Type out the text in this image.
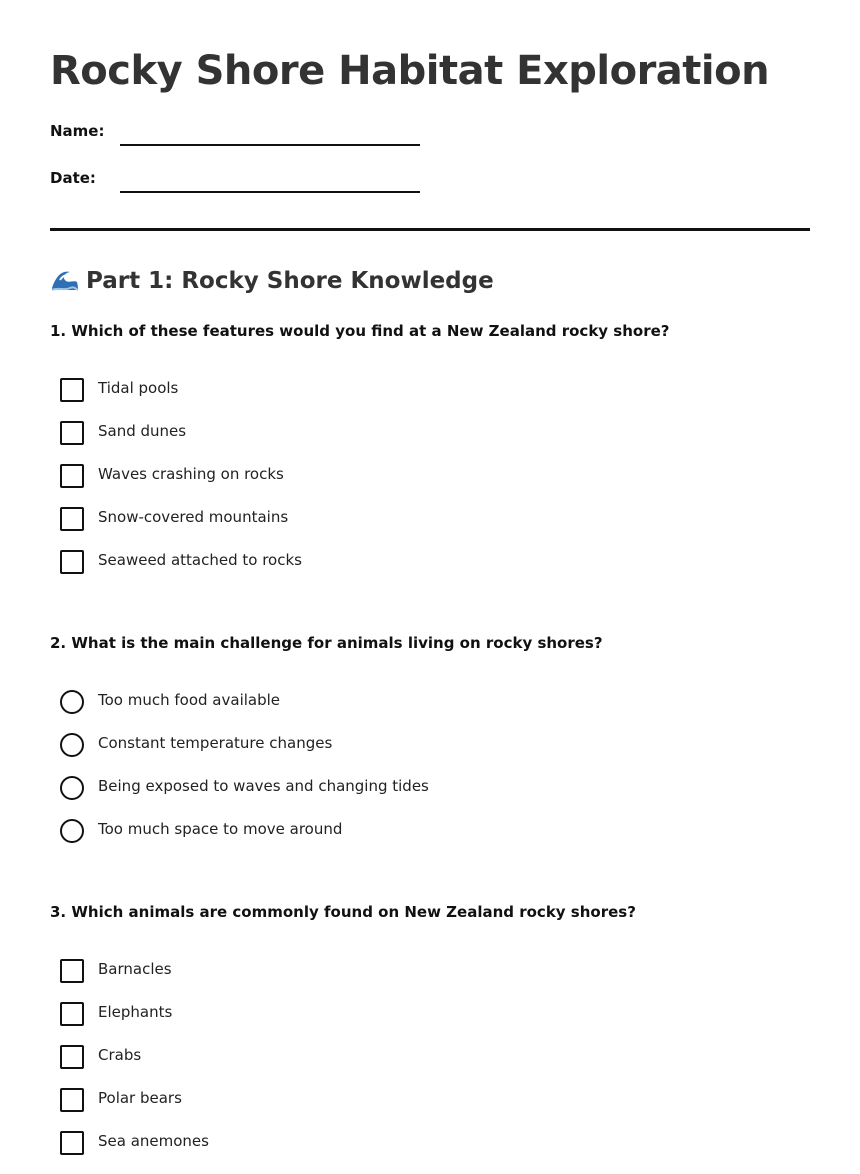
Rocky Shore Habitat Exploration
Name:
Date:
Part 1: Rocky Shore Knowledge

1. Which of these features would you find at a New Zealand rocky shore?

Tidal pools
Sand dunes
Waves crashing on rocks
Snow-covered mountains
Seaweed attached to rocks

2. What is the main challenge for animals living on rocky shores?

Too much food available
Constant temperature changes
Being exposed to waves and changing tides
Too much space to move around

3. Which animals are commonly found on New Zealand rocky shores?

Barnacles
Elephants
Crabs
Polar bears
Sea anemones
